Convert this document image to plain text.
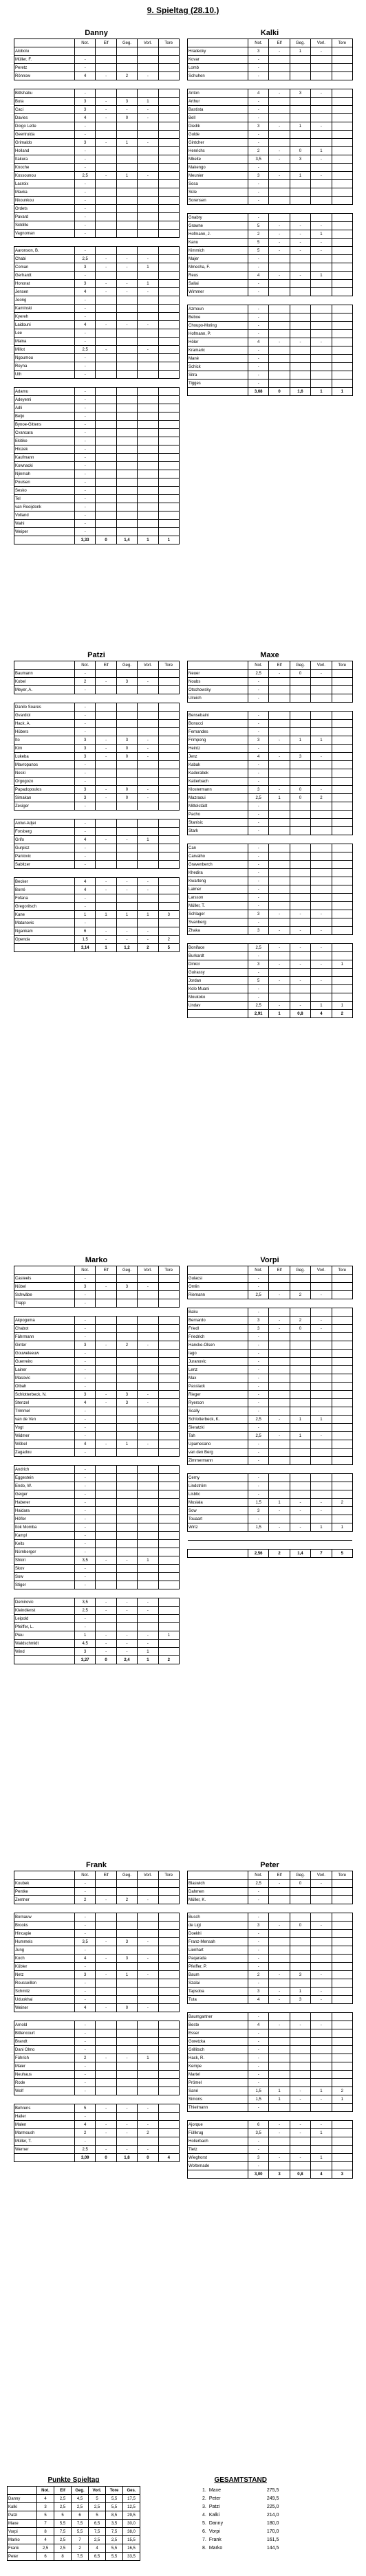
9. Spieltag (28.10.)
Danny
	Not.	Elf	Geg.	Vorl.	Tore
Alobolu					
Müller, F.	-				
Peretz	-				
Rönnow	4	-	2	-	

Bittshabu	-				
Buta	3	-	3	1	
Caci	3	-	-	-	
Davies	4	-	0	-	
Doigo Lette	-				
Geertruida	-				
Grimaldo	3	-	1	-	
Holland	-				
Itakura	-				
Knoche	-				
Kossounou	2,5	-	1	-	
Lacroix	-				
Mavka	-				
Nkounkou	-				
Ordets	-				
Pavard	-				
Siddille	-				
Vagnoman	-				

Aaronson, B.	-				
Chabi	2,5	-	-	-	
Coman	3	-	-	1	
Gerhardt	-				
Honorat	3	-	-	1	
Jensen	4	-	-	-	
Jeong	-				
Kaminski	-				
Kyereh	-				
Laidouni	4	-	-	-	
Lee	-				
Maina	-				
Millot	2,5	-		-	
Ngoumou	-				
Reyna	-				
Uth	-				

Adamu	-				
Adeyemi	-				
Adli	-				
Beljo	-				
Bynoe-Gittens	-				
Cvancara	-				
Ekitike	-				
Hlozek	-				
Kaufmann	-				
Kownacki	-				
Njinmah	-				
Poulsen	-				
Sesko	-				
Tel	-				
van Rooijdonk	-				
Volland	-				
Wahi	-				
Weiper	-				
	3,33	0	1,4	1	1
Kalki
	Not.	Elf	Geg.	Vorl.	Tore
Hradecky	3	-	1	-	
Kovar	-				
Lomb	-				
Schuhen	-				

Anton	4	-	3	-	
Arthur	-				
Bastista	-				
Bell	-				
Diedik	3	-	1	-	
Gulde	-				
Gintcher	-				
Henrichs	2	-	0	1	
Mbeite	3,5	-	3	-	
Makengo	-				
Meunier	3	-	1	-	
Sosa	-				
Süle	-				
Sorensen	-				

Gnabry	-				
Grawne	5	-	-	-	
Hofmann, J.	2	-	-	1	
Kanu	5	-	-	-	
Kimmich	5	-	-	-	
Majer	-				
Mmecha, F.	-				
Reus	4	-	-	1	
Sallai	-				
Wimmer	-				

Azmoun	-				
Beboe	-				
Choupo-Moting	-				
Hofmann, P.	-				
Höler	4	-	-	-	
Kramaric	-				
Mané	-				
Schick	-				
Sitra	-				
Tigges	-				
	3,68	0	1,6	1	1
Patzi
	Not.	Elf	Geg.	Vorl.	Tore
Baumann	-				
Kobel	2	-	3	-	
Meyer, A.	-				

Danilo Soares	-				
Gvardiol	-				
Hack, A.	-				
Hübers	-				
Ito	3	-	3	-	
Kim	3	-	0	-	
Lukeba	3	-	0	-	
Mavropanos	-				
Neski	-				
Orgogozo	-				
Papadopoulos	3	-	0	-	
Simakan	3	-	0	-	
Zesiger	-				

Antwi-Adjei	-				
Forsberg	-				
Grifo	4	-	-	1	
Gurpisz	-				
Pantovic	-				
Sabitzer	-				

Becker	4	-	-	-	
Borré	4	-	-	-	
Fofana	-				
Gregoritsch	-				
Kane	1	1	1	1	3
Matanovic	-				
Ngankam	6	-	-	-	
Openda	1,5	-	-	-	2
	3,14	1	1,2	2	5
Maxe
	Not.	Elf	Geg.	Vorl.	Tore
Neuer	2,5	-	0	-	
Noubs	-				
Otschowsky	-				
Ulreich	-				

Bensebaini	-				
Bonucci	-				
Fernandes	-				
Frimpong	3	-	1	1	
Heintz	-				
Jenz	4	-	3	-	
Kabak	-				
Kaderabek	-				
Katterbach	-				
Klostermann	3	-	0	-	
Mazraoui	2,5	1	0	2	
Mittelstädt	-				
Pacho	-				
Stanisic	-				
Stark	-				

Can	-				
Carvalho	-				
Gravenberch	-				
Khedira	-				
Kwarteng	-				
Laimer	-				
Larsson	-				
Müller, T.	-				
Schlager	3	-	-	-	
Svanberg	-				
Zhaka	3	-	-	-	

Boniface	2,5	-	-	-	
Burkardt	-				
Dinkci	3	-	-	-	1
Guirassy	-				
Jordan	5	-	-	-	
Kolo Muani	-				
Moukoko	-				
Undav	2,5	-	-	1	1
	2,91	1	0,8	4	2
Marko
	Not.	Elf	Geg.	Vorl.	Tore
Casteels	-				
Nübel	3	-	3	-	
Schwäbe	-				
Trapp	-				

Akpoguma	-				
Chabot	-				
Fährmann	-				
Ginter	3	-	2	-	
Gouweleeuw	-				
Guerreiro	-				
Lainer	-				
Masovic	-				
Otbah	-				
Schlotterbeck, N.	3	-	3	-	
Stenzel	4	-	3	-	
Trimmel	-				
van de Ven	-				
Vogt	-				
Widmer	-				
Wöbel	4	-	1	-	
Zagadou	-				

Andrich	-				
Eggestein	-				
Endo, W.	-				
Geiger	-				
Haberer	-				
Haidara	-				
Höfler	-				
Itok Momba	-				
Kampl	-				
Keits	-				
Nürnberger	-				
Shkiri	3,5	-	-	1	
Skov	-				
Sow	-				
Stiger	-				

Demirovic	3,5	-	-	-	
Kleindienst	2,5	-	-	-	
Leipold	-				
Pfeiffer, L.	-				
Pieu	1	-	-	-	1
Waldschmidt	4,5	-	-	-	
Wind	3	-	-	1	
	3,27	0	2,4	1	2
Vorpi
	Not.	Elf	Geg.	Vorl.	Tore
Gulacsi	-				
Omlin	-				
Riemann	2,5	-	2	-	

Baku	-				
Bernardo	3	-	2	-	
Friedl	3	-	0	-	
Friedrich	-				
Hancke-Olsen	-				
Iago	-				
Juranovic	-				
Lenz	-				
Max	-				
Passlack	-				
Rieger	-				
Ryerson	-				
Scally	-				
Schlotterbeck, K.	2,5	-	1	1	
Sieratzki	-				
Tah	2,5	-	1	-	
Upamecano	-				
van den Berg	-				
Zimmermann	-				

Cerny	-				
Lindström	-				
Lisbtic	-				
Musiala	1,5	1	-	-	2
Sow	3	-	-	-	
Touaart	-				
Wirtz	1,5	-	-	1	1

	2,56	2	1,4	7	5
Frank
	Not.	Elf	Geg.	Vorl.	Tore
Koubek	-				
Pentke	-				
Zentner	2	-	2	-	

Bornauw	-				
Brooks	-				
Hincapie	-				
Hummels	3,5	-	3	-	
Jung	-				
Koch	4	-	3	-	
Kübler	-				
Netz	3	-	1	-	
Rousseillon	-				
Schmitz	-				
Uduokhai	-				
Weiner	4	-	0	-	

Arnold	-				
Bittencourt	-				
Brandt	-				
Dani Olmo	-				
Führich	2	-	-	1	
Maier	-				
Neuhaus	-				
Rode	-				
Wolf	-				

Behrens	5	-	-	-	
Haller	-				
Malen	4	-	-	-	
Marmoush	2	-	-	2	
Müller, T.	-				
Werner	2,5	-	-	-	
	3,09	0	1,8	0	4
Peter
	Not.	Elf	Geg.	Vorl.	Tore
Blaswich	2,5	-	0	-	
Dahmen	-				
Müller, K.	-				

Busch	-				
de Ligt	3	-	0	-	
Doekhi	-				
Franz-Mensah	-				
Lienhart	-				
Paqarada	-				
Pfeiffer, P.	-				
Baum	2	-	3	-	
Szalai	-				
Tapsoba	3	-	1	-	
Tuta	4	-	3	-	

Baumgartner	-				
Beste	4	-	-	-	
Esser	-				
Goretzka	-				
Grillitsch	-				
Hack, R.	-				
Kempe	-				
Martel	-				
Prömel	-				
Sané	1,5	1	-	1	2
Simons	1,5	1	-	-	1
Thielmann	-				

Ajorque	6	-	-	-	
Füllkrug	3,5	-	-	1	
Hollerbach	-				
Tietz	-				
Wieghorst	3	-	-	1	
Woltemade	-				
	3,00	3	0,8	4	3
Punkte Spieltag
	Not.	Elf	Geg.	Vorl.	Tore	Ges.
Danny	4	2,5	4,5	5	5,5	17,5
Kalki	3	2,5	2,5	2,5	5,5	12,5
Patzi	5	5	6	5	8,5	29,5
Maxe	7	5,5	7,5	6,5	3,5	30,0
Vorpi	8	7,5	5,5	7,5	7,5	38,0
Marko	4	2,5	7	2,5	2,5	15,5
Frank	2,5	2,5	2	4	5,5	16,5
Peter	6	8	7,5	6,5	5,5	33,5
GESAMTSTAND
1.	Maxe	275,5
2.	Peter	249,5
3.	Patzi	225,0
4.	Kalki	214,0
5.	Danny	180,0
6.	Vorpi	170,0
7.	Frank	161,5
8.	Marko	144,5
